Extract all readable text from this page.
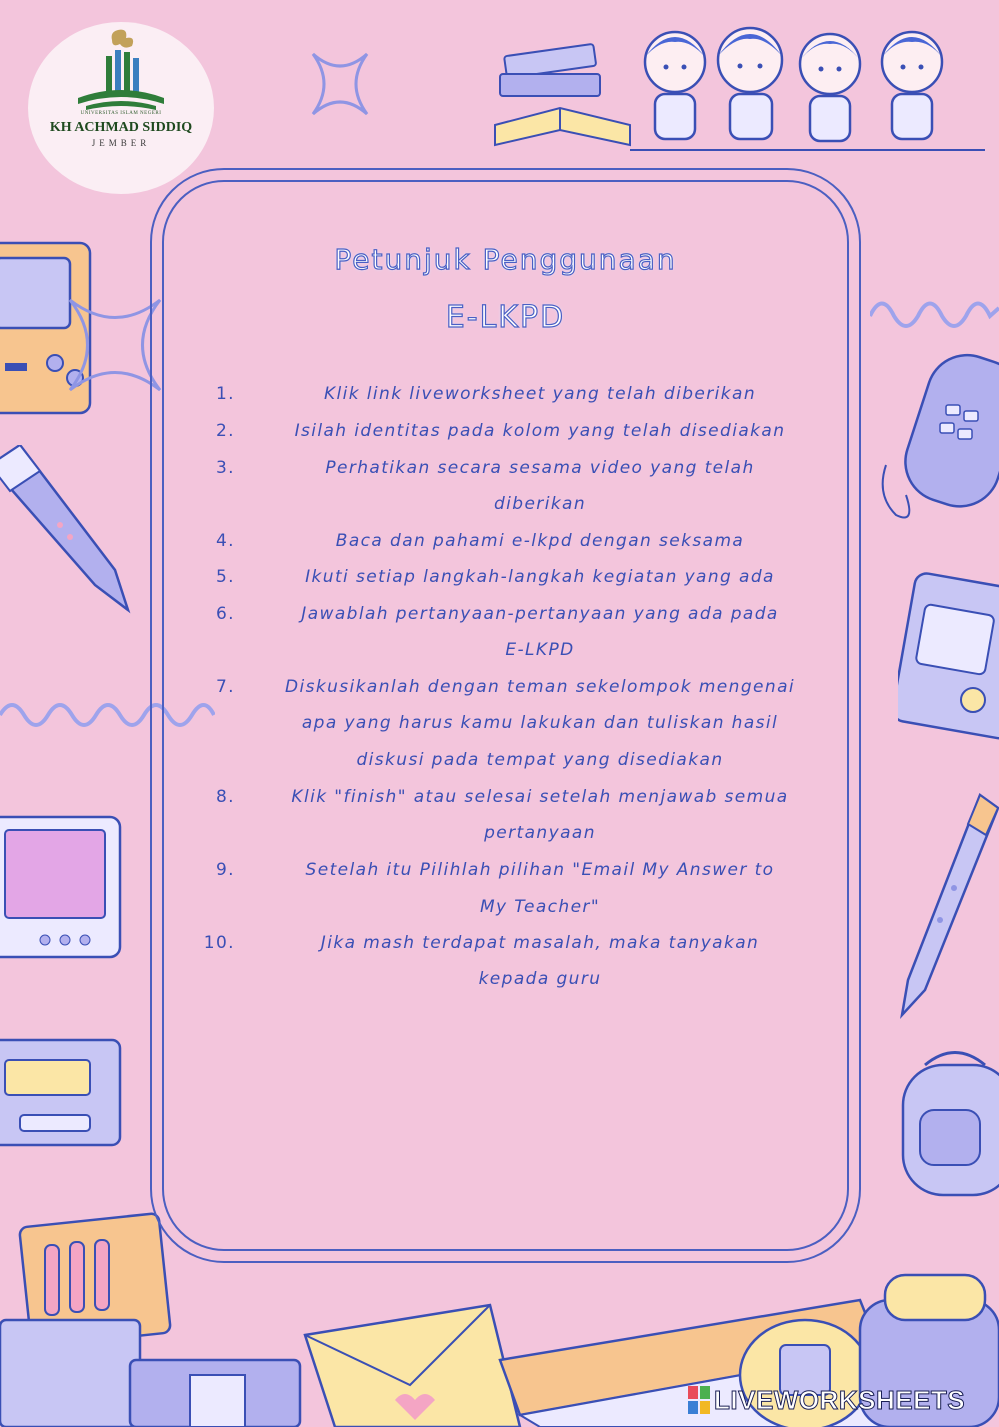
UNIVERSITAS ISLAM NEGERI
KH ACHMAD SIDDIQ
JEMBER
Petunjuk Penggunaan
E-LKPD
1.	Klik link liveworksheet yang telah diberikan
2.	Isilah identitas pada kolom yang telah disediakan
3.	Perhatikan secara sesama video yang telah
diberikan
4.	Baca dan pahami e-lkpd dengan seksama
5.	Ikuti setiap langkah-langkah kegiatan yang ada
6.	Jawablah pertanyaan-pertanyaan yang ada pada
E-LKPD
7.	Diskusikanlah dengan teman sekelompok mengenai
apa yang harus kamu lakukan dan tuliskan hasil
diskusi pada tempat yang disediakan
8.	Klik "finish" atau selesai setelah menjawab semua
pertanyaan
9.	Setelah itu Pilihlah pilihan "Email My Answer to
My Teacher"
10.	Jika mash terdapat masalah, maka tanyakan
kepada guru
LIVEWORKSHEETS
